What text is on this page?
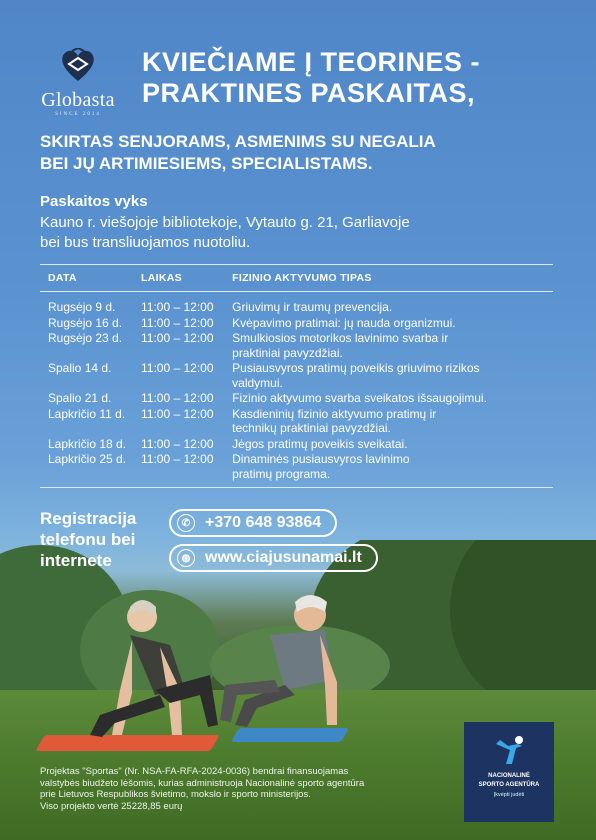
Globasta
SINCE 2014
KVIEČIAME Į TEORINES -
PRAKTINES PASKAITAS,
SKIRTAS SENJORAMS, ASMENIMS SU NEGALIA
BEI JŲ ARTIMIESIEMS, SPECIALISTAMS.
Paskaitos vyks
Kauno r. viešojoje bibliotekoje, Vytauto g. 21, Garliavoje
bei bus transliuojamos nuotoliu.
DATA	LAIKAS	FIZINIO AKTYVUMO TIPAS
Rugsėjo 9 d.	11:00 – 12:00	Griuvimų ir traumų prevencija.
Rugsėjo 16 d.	11:00 – 12:00	Kvėpavimo pratimai: jų nauda organizmui.
Rugsėjo 23 d.	11:00 – 12:00	Smulkiosios motorikos lavinimo svarba ir
praktiniai pavyzdžiai.
Spalio 14 d.	11:00 – 12:00	Pusiausvyros pratimų poveikis griuvimo rizikos
valdymui.
Spalio 21 d.	11:00 – 12:00	Fizinio aktyvumo svarba sveikatos išsaugojimui.
Lapkričio 11 d.	11:00 – 12:00	Kasdieninių fizinio aktyvumo pratimų ir
technikų praktiniai pavyzdžiai.
Lapkričio 18 d.	11:00 – 12:00	Jėgos pratimų poveikis sveikatai.
Lapkričio 25 d.	11:00 – 12:00	Dinaminės pusiausvyros lavinimo
pratimų programa.
Registracija
telefonu bei
internete
✆ +370 648 93864
◍ www.ciajusunamai.lt
Projektas "Sportas" (Nr. NSA-FA-RFA-2024-0036) bendrai finansuojamas
valstybės biudžeto lėšomis, kurias administruoja Nacionalinė sporto agentūra
prie Lietuvos Respublikos švietimo, mokslo ir sporto ministerijos.
Viso projekto vertė 25228,85 eurų
NACIONALINĖ
SPORTO AGENTŪRA
Įkvėpti judėti
